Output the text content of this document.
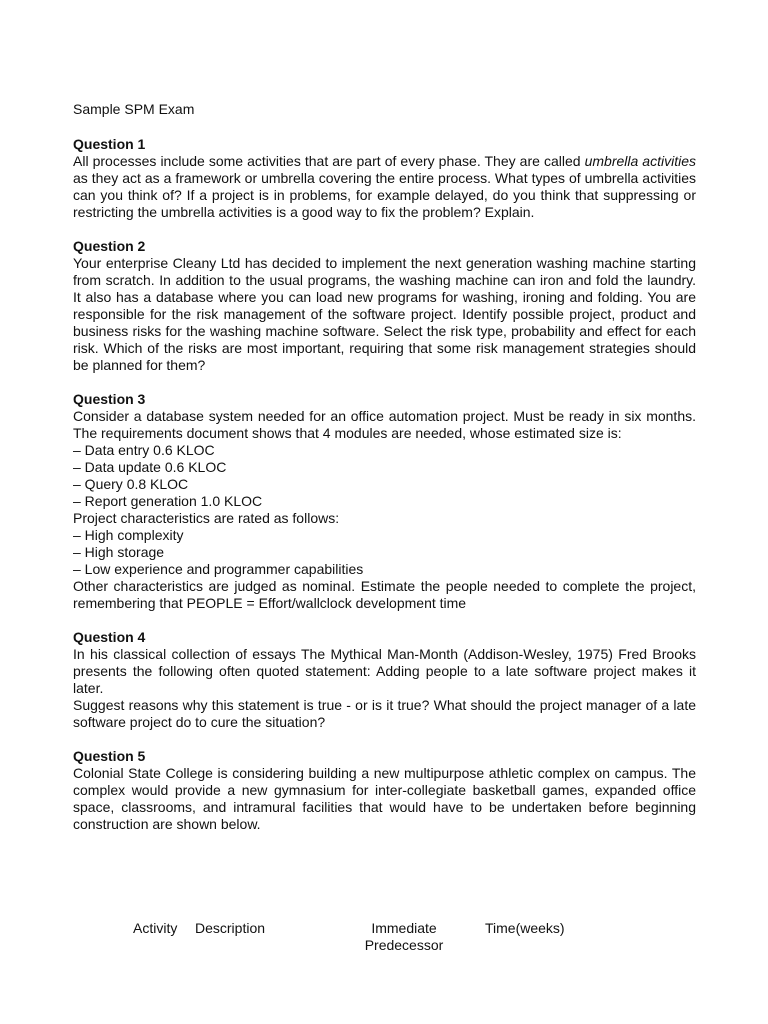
Sample SPM Exam

Question 1

All processes include some activities that are part of every phase. They are called umbrella activities as they act as a framework or umbrella covering the entire process. What types of umbrella activities can you think of? If a project is in problems, for example delayed, do you think that suppressing or restricting the umbrella activities is a good way to fix the problem? Explain.

Question 2

Your enterprise Cleany Ltd has decided to implement the next generation washing machine starting from scratch. In addition to the usual programs, the washing machine can iron and fold the laundry. It also has a database where you can load new programs for washing, ironing and folding. You are responsible for the risk management of the software project. Identify possible project, product and business risks for the washing machine software. Select the risk type, probability and effect for each risk. Which of the risks are most important, requiring that some risk management strategies should be planned for them?

Question 3

Consider a database system needed for an office automation project. Must be ready in six months. The requirements document shows that 4 modules are needed, whose estimated size is:

– Data entry 0.6 KLOC

– Data update 0.6 KLOC

– Query 0.8 KLOC

– Report generation 1.0 KLOC

Project characteristics are rated as follows:

– High complexity

– High storage

– Low experience and programmer capabilities

Other characteristics are judged as nominal. Estimate the people needed to complete the project, remembering that PEOPLE = Effort/wallclock development time

Question 4

In his classical collection of essays The Mythical Man-Month (Addison-Wesley, 1975) Fred Brooks presents the following often quoted statement: Adding people to a late software project makes it later.

Suggest reasons why this statement is true - or is it true? What should the project manager of a late software project do to cure the situation?

Question 5

Colonial State College is considering building a new multipurpose athletic complex on campus. The complex would provide a new gymnasium for inter-collegiate basketball games, expanded office space, classrooms, and intramural facilities that would have to be undertaken before beginning construction are shown below.

Activity Description	Immediate
Predecessor
Time(weeks)
